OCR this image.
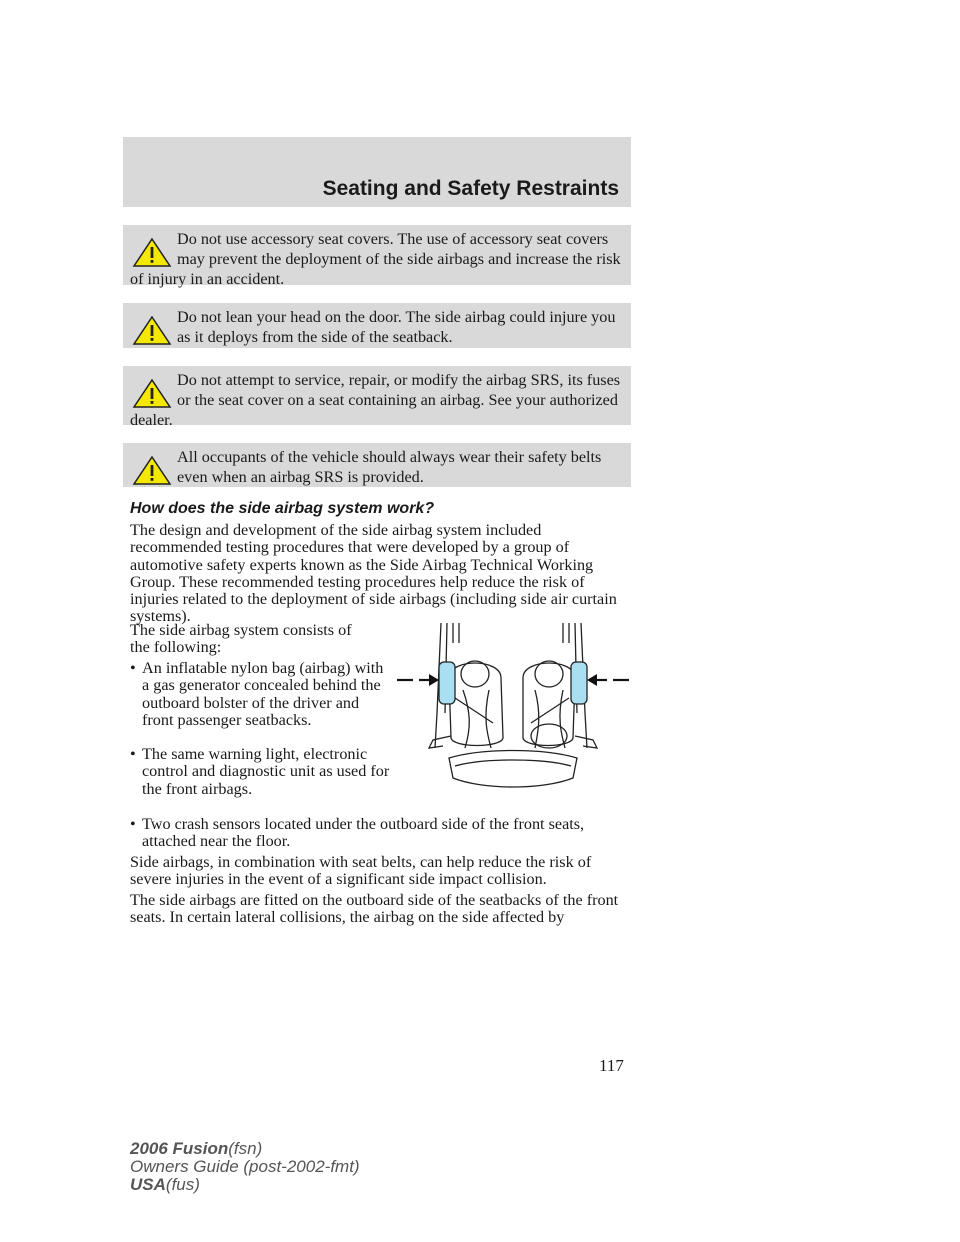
Seating and Safety Restraints
Do not use accessory seat covers. The use of accessory seat covers may prevent the deployment of the side airbags and increase the risk of injury in an accident.
Do not lean your head on the door. The side airbag could injure you as it deploys from the side of the seatback.
Do not attempt to service, repair, or modify the airbag SRS, its fuses or the seat cover on a seat containing an airbag. See your authorized dealer.
All occupants of the vehicle should always wear their safety belts even when an airbag SRS is provided.
How does the side airbag system work?
The design and development of the side airbag system included recommended testing procedures that were developed by a group of automotive safety experts known as the Side Airbag Technical Working Group. These recommended testing procedures help reduce the risk of injuries related to the deployment of side airbags (including side air curtain systems).
The side airbag system consists of the following:
• An inflatable nylon bag (airbag) with a gas generator concealed behind the outboard bolster of the driver and front passenger seatbacks.
• The same warning light, electronic control and diagnostic unit as used for the front airbags.
• Two crash sensors located under the outboard side of the front seats, attached near the floor.
Side airbags, in combination with seat belts, can help reduce the risk of severe injuries in the event of a significant side impact collision.
The side airbags are fitted on the outboard side of the seatbacks of the front seats. In certain lateral collisions, the airbag on the side affected by
117
2006 Fusion(fsn)
Owners Guide (post-2002-fmt)
USA(fus)
